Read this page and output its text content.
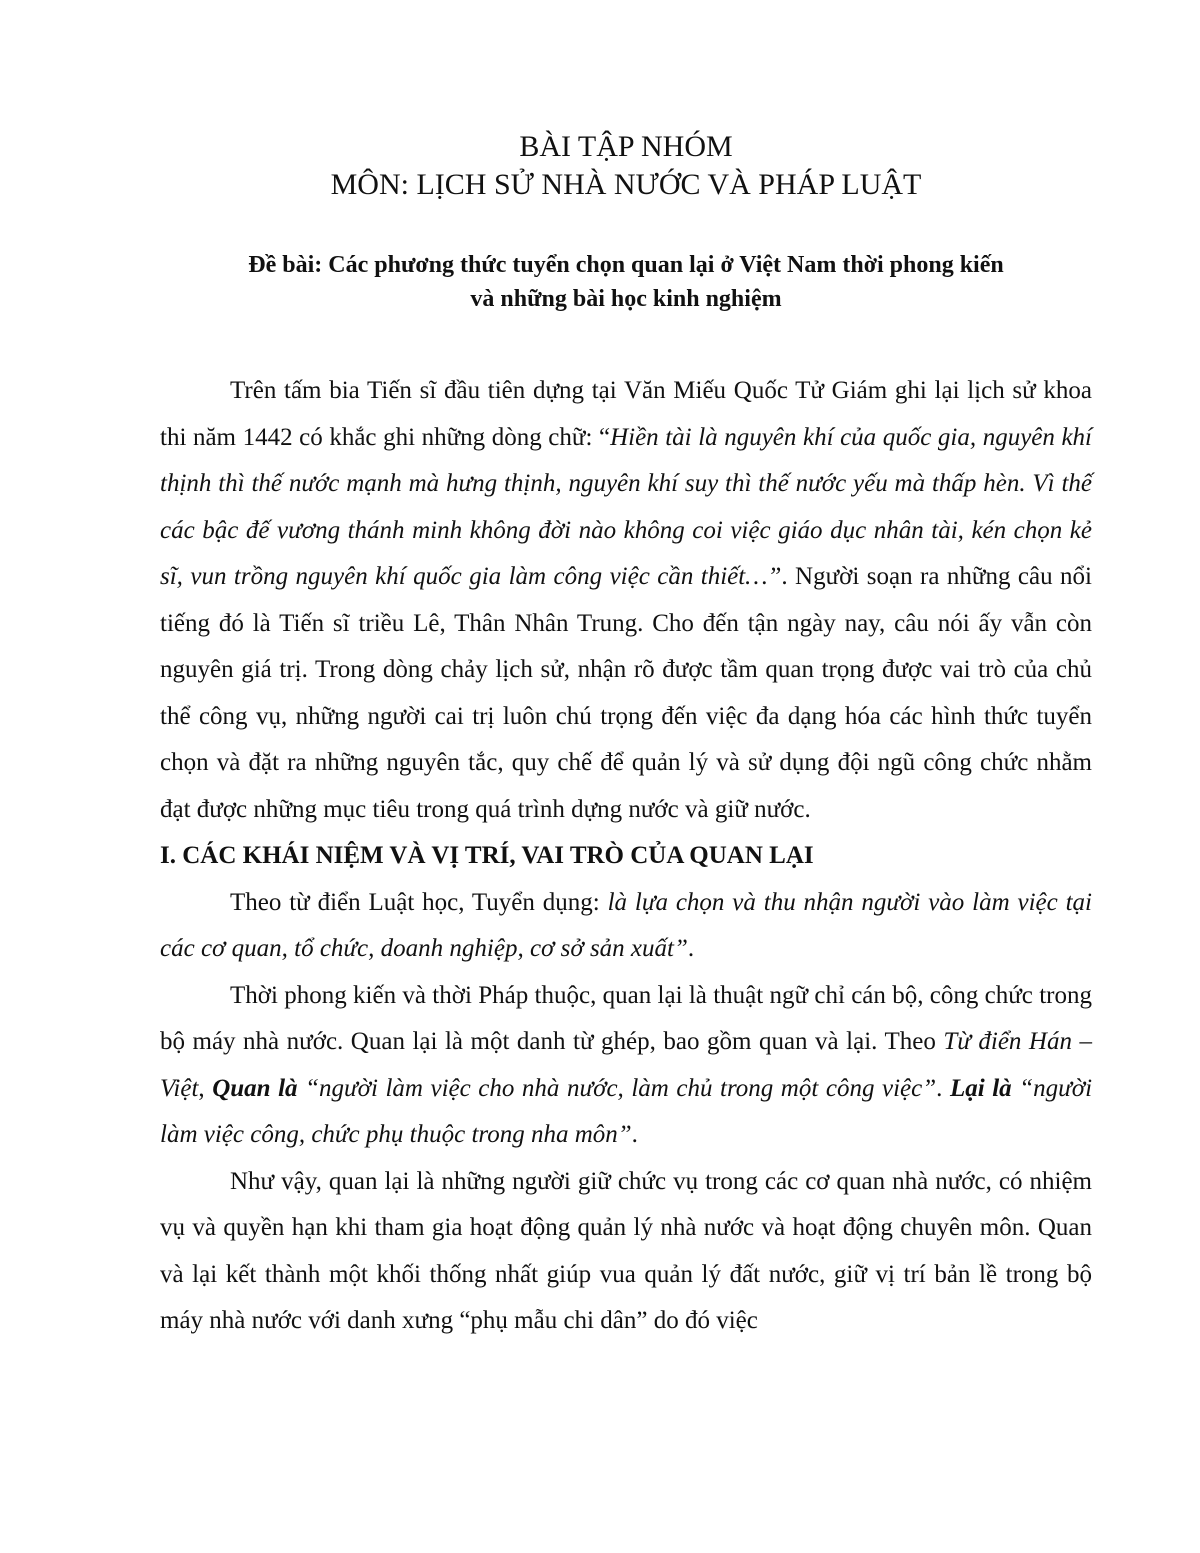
BÀI TẬP NHÓM
MÔN: LỊCH SỬ NHÀ NƯỚC VÀ PHÁP LUẬT
Đề bài: Các phương thức tuyển chọn quan lại ở Việt Nam thời phong kiến
và những bài học kinh nghiệm

Trên tấm bia Tiến sĩ đầu tiên dựng tại Văn Miếu Quốc Tử Giám ghi lại lịch sử khoa thi năm 1442 có khắc ghi những dòng chữ: “Hiền tài là nguyên khí của quốc gia, nguyên khí thịnh thì thế nước mạnh mà hưng thịnh, nguyên khí suy thì thế nước yếu mà thấp hèn. Vì thế các bậc đế vương thánh minh không đời nào không coi việc giáo dục nhân tài, kén chọn kẻ sĩ, vun trồng nguyên khí quốc gia làm công việc cần thiết…”. Người soạn ra những câu nổi tiếng đó là Tiến sĩ triều Lê, Thân Nhân Trung. Cho đến tận ngày nay, câu nói ấy vẫn còn nguyên giá trị. Trong dòng chảy lịch sử, nhận rõ được tầm quan trọng được vai trò của chủ thể công vụ, những người cai trị luôn chú trọng đến việc đa dạng hóa các hình thức tuyển chọn và đặt ra những nguyên tắc, quy chế để quản lý và sử dụng đội ngũ công chức nhằm đạt được những mục tiêu trong quá trình dựng nước và giữ nước.

I. CÁC KHÁI NIỆM VÀ VỊ TRÍ, VAI TRÒ CỦA QUAN LẠI

Theo từ điển Luật học, Tuyển dụng: là lựa chọn và thu nhận người vào làm việc tại các cơ quan, tổ chức, doanh nghiệp, cơ sở sản xuất”.

Thời phong kiến và thời Pháp thuộc, quan lại là thuật ngữ chỉ cán bộ, công chức trong bộ máy nhà nước. Quan lại là một danh từ ghép, bao gồm quan và lại. Theo Từ điển Hán – Việt, Quan là “người làm việc cho nhà nước, làm chủ trong một công việc”. Lại là “người làm việc công, chức phụ thuộc trong nha môn”.

Như vậy, quan lại là những người giữ chức vụ trong các cơ quan nhà nước, có nhiệm vụ và quyền hạn khi tham gia hoạt động quản lý nhà nước và hoạt động chuyên môn. Quan và lại kết thành một khối thống nhất giúp vua quản lý đất nước, giữ vị trí bản lề trong bộ máy nhà nước với danh xưng “phụ mẫu chi dân” do đó việc
